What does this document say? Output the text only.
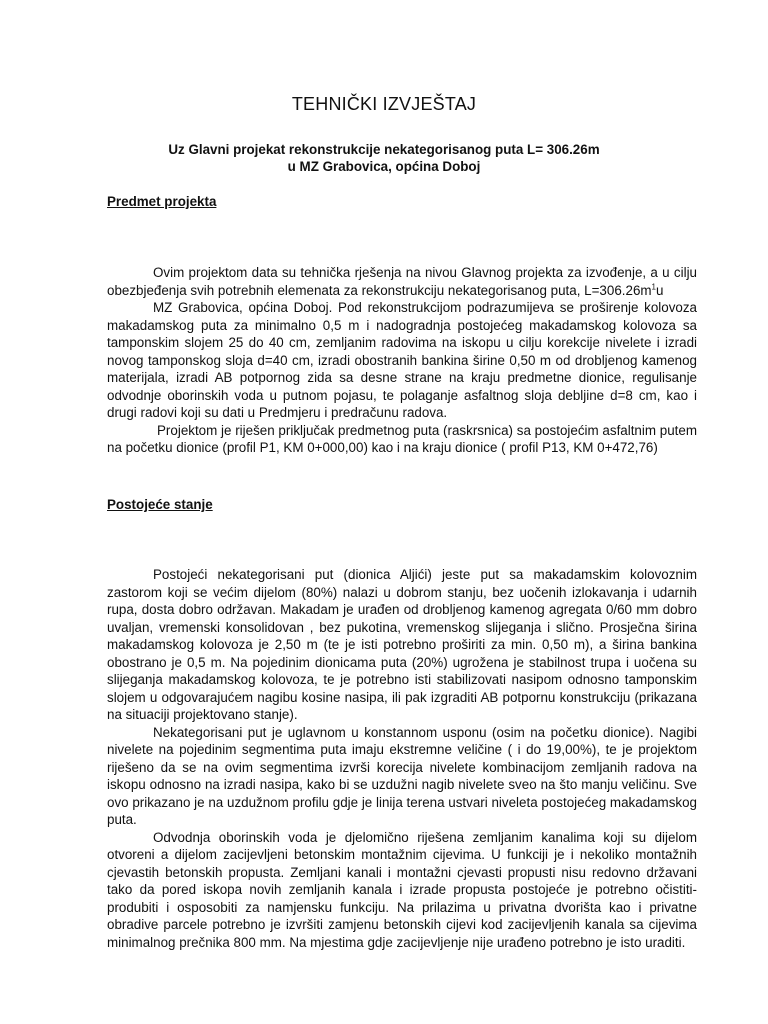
TEHNIČKI IZVJEŠTAJ
Uz Glavni projekat rekonstrukcije nekategorisanog puta L= 306.26m
u MZ Grabovica, općina Doboj
Predmet projekta

Ovim projektom data su tehnička rješenja na nivou Glavnog projekta za izvođenje, a u cilju obezbjeđenja svih potrebnih elemenata za rekonstrukciju nekategorisanog puta, $L=306.26m^1u$

MZ Grabovica, općina Doboj. Pod rekonstrukcijom podrazumijeva se proširenje kolovoza makadamskog puta za minimalno 0,5 m i nadogradnja postojećeg makadamskog kolovoza sa tamponskim slojem 25 do 40 cm, zemljanim radovima na iskopu u cilju korekcije nivelete i izradi novog tamponskog sloja d=40 cm, izradi obostranih bankina širine 0,50 m od drobljenog kamenog materijala, izradi AB potpornog zida sa desne strane na kraju predmetne dionice, regulisanje odvodnje oborinskih voda u putnom pojasu, te polaganje asfaltnog sloja debljine d=8 cm, kao i drugi radovi koji su dati u Predmjeru i predračunu radova.

Projektom je riješen priključak predmetnog puta (raskrsnica) sa postojećim asfaltnim putem na početku dionice (profil P1, KM 0+000,00) kao i na kraju dionice ( profil P13, KM 0+472,76)

Postojeće stanje

Postojeći nekategorisani put (dionica Aljići) jeste put sa makadamskim kolovoznim zastorom koji se većim dijelom (80%) nalazi u dobrom stanju, bez uočenih izlokavanja i udarnih rupa, dosta dobro održavan. Makadam je urađen od drobljenog kamenog agregata 0/60 mm dobro uvaljan, vremenski konsolidovan , bez pukotina, vremenskog slijeganja i slično. Prosječna širina makadamskog kolovoza je 2,50 m (te je isti potrebno proširiti za min. 0,50 m), a širina bankina obostrano je 0,5 m. Na pojedinim dionicama puta (20%) ugrožena je stabilnost trupa i uočena su slijeganja makadamskog kolovoza, te je potrebno isti stabilizovati nasipom odnosno tamponskim slojem u odgovarajućem nagibu kosine nasipa, ili pak izgraditi AB potpornu konstrukciju (prikazana na situaciji projektovano stanje).

Nekategorisani put je uglavnom u konstannom usponu (osim na početku dionice). Nagibi nivelete na pojedinim segmentima puta imaju ekstremne veličine ( i do 19,00%), te je projektom riješeno da se na ovim segmentima izvrši korecija nivelete kombinacijom zemljanih radova na iskopu odnosno na izradi nasipa, kako bi se uzdužni nagib nivelete sveo na što manju veličinu. Sve ovo prikazano je na uzdužnom profilu gdje je linija terena ustvari niveleta postojećeg makadamskog puta.

Odvodnja oborinskih voda je djelomično riješena zemljanim kanalima koji su dijelom otvoreni a dijelom zacijevljeni betonskim montažnim cijevima. U funkciji je i nekoliko montažnih cjevastih betonskih propusta. Zemljani kanali i montažni cjevasti propusti nisu redovno državani tako da pored iskopa novih zemljanih kanala i izrade propusta postojeće je potrebno očistiti-produbiti i osposobiti za namjensku funkciju. Na prilazima u privatna dvorišta kao i privatne obradive parcele potrebno je izvršiti zamjenu betonskih cijevi kod zacijevljenih kanala sa cijevima minimalnog prečnika 800 mm. Na mjestima gdje zacijevljenje nije urađeno potrebno je isto uraditi.
